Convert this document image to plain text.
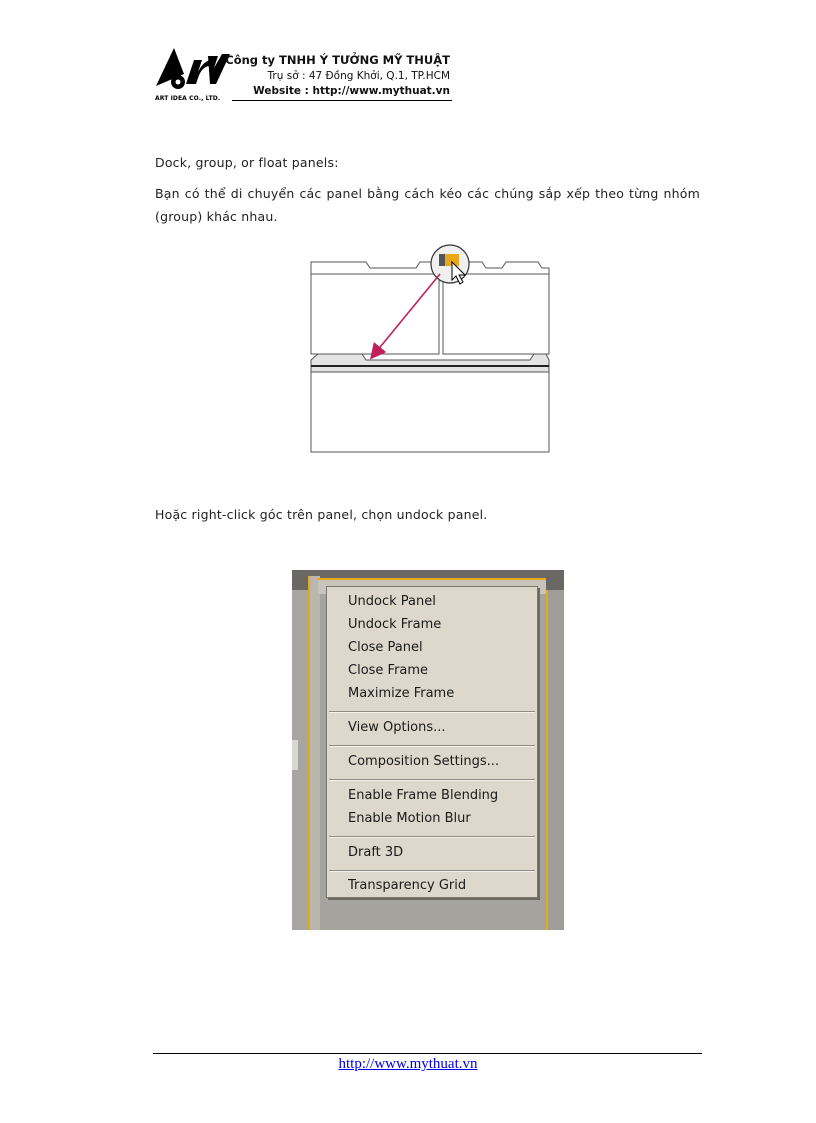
ART IDEA CO., LTD.
Công ty TNHH Ý TƯỞNG MỸ THUẬT
Trụ sở : 47 Đồng Khởi, Q.1, TP.HCM
Website : http://www.mythuat.vn
Dock, group, or float panels:
Bạn có thể di chuyển các panel bằng cách kéo các chúng sắp xếp theo từng nhóm (group) khác nhau.
Hoặc right-click góc trên panel, chọn undock panel.
Undock Panel
Undock Frame
Close Panel
Close Frame
Maximize Frame
View Options...
Composition Settings...
Enable Frame Blending
Enable Motion Blur
Draft 3D
Transparency Grid
http://www.mythuat.vn
